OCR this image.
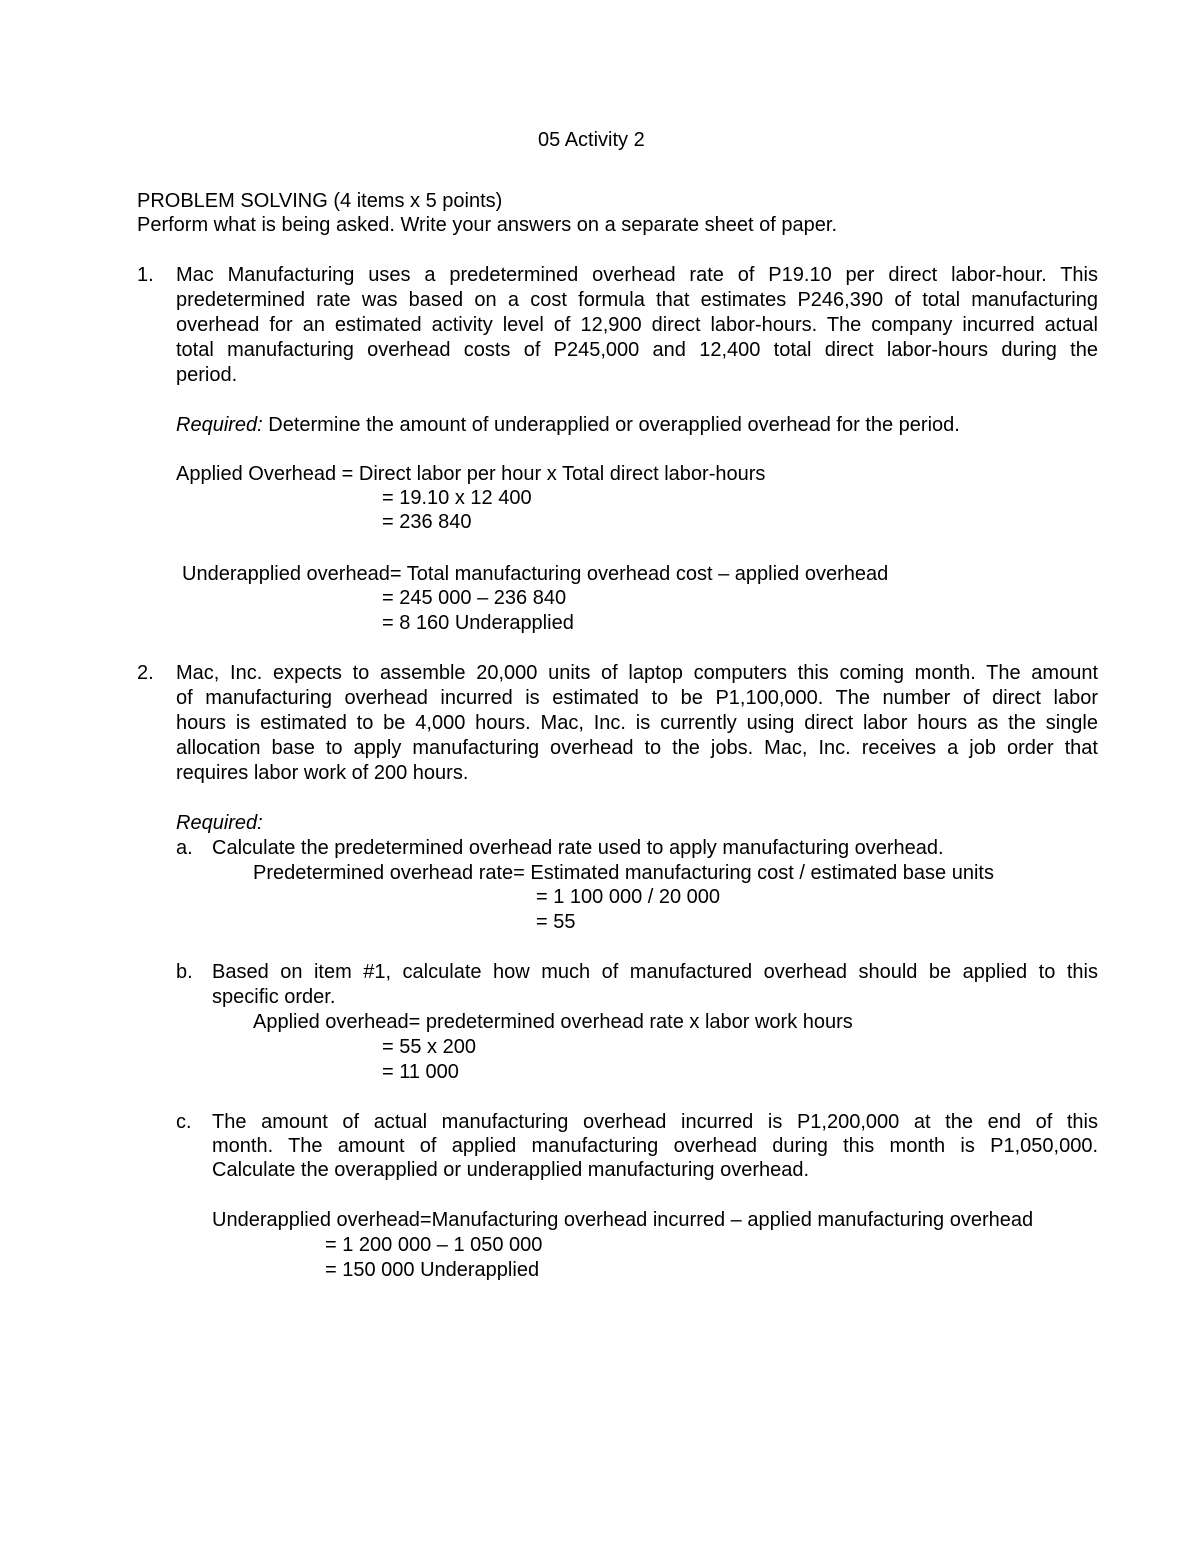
05 Activity 2
PROBLEM SOLVING (4 items x 5 points)
Perform what is being asked. Write your answers on a separate sheet of paper.
1. Mac Manufacturing uses a predetermined overhead rate of P19.10 per direct labor-hour. This
predetermined rate was based on a cost formula that estimates P246,390 of total manufacturing
overhead for an estimated activity level of 12,900 direct labor-hours. The company incurred actual
total manufacturing overhead costs of P245,000 and 12,400 total direct labor-hours during the
period.
Required: Determine the amount of underapplied or overapplied overhead for the period.
Applied Overhead = Direct labor per hour x Total direct labor-hours
= 19.10 x 12 400
= 236 840
Underapplied overhead= Total manufacturing overhead cost – applied overhead
= 245 000 – 236 840
= 8 160 Underapplied
2. Mac, Inc. expects to assemble 20,000 units of laptop computers this coming month. The amount
of manufacturing overhead incurred is estimated to be P1,100,000. The number of direct labor
hours is estimated to be 4,000 hours. Mac, Inc. is currently using direct labor hours as the single
allocation base to apply manufacturing overhead to the jobs. Mac, Inc. receives a job order that
requires labor work of 200 hours.
Required:
a. Calculate the predetermined overhead rate used to apply manufacturing overhead.
Predetermined overhead rate= Estimated manufacturing cost / estimated base units
= 1 100 000 / 20 000
= 55
b. Based on item #1, calculate how much of manufactured overhead should be applied to this
specific order.
Applied overhead= predetermined overhead rate x labor work hours
= 55 x 200
= 11 000
c. The amount of actual manufacturing overhead incurred is P1,200,000 at the end of this
month. The amount of applied manufacturing overhead during this month is P1,050,000.
Calculate the overapplied or underapplied manufacturing overhead.
Underapplied overhead=Manufacturing overhead incurred – applied manufacturing overhead
= 1 200 000 – 1 050 000
= 150 000 Underapplied
